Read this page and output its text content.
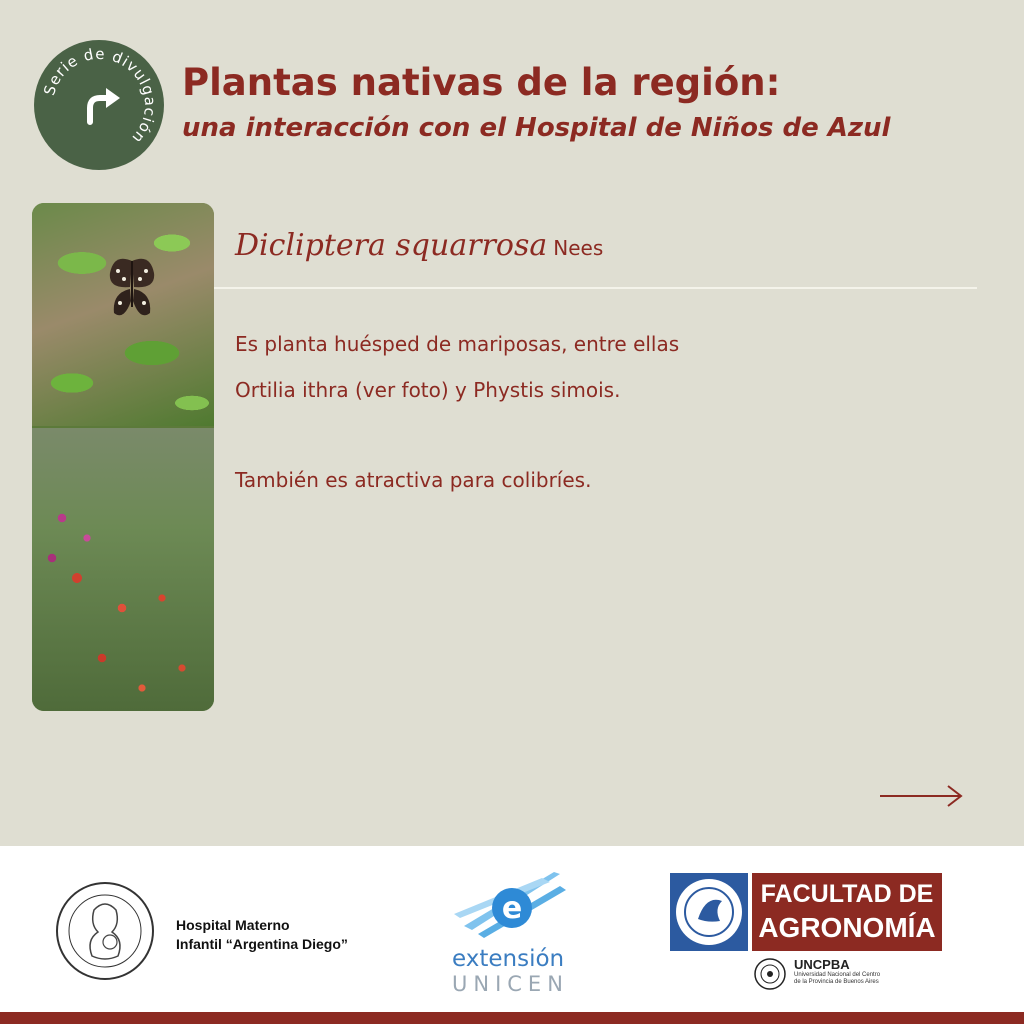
Serie de divulgación
Plantas nativas de la región:
una interacción con el Hospital de Niños de Azul
Dicliptera squarrosa Nees
Es planta huésped de mariposas, entre ellas
Ortilia ithra (ver foto) y Phystis simois.
También es atractiva para colibríes.
Hospital Materno
Infantil “Argentina Diego”
e
extensión
UNICEN
FACULTAD DE
AGRONOMÍA
UNCPBA
Universidad Nacional del Centro
de la Provincia de Buenos Aires
